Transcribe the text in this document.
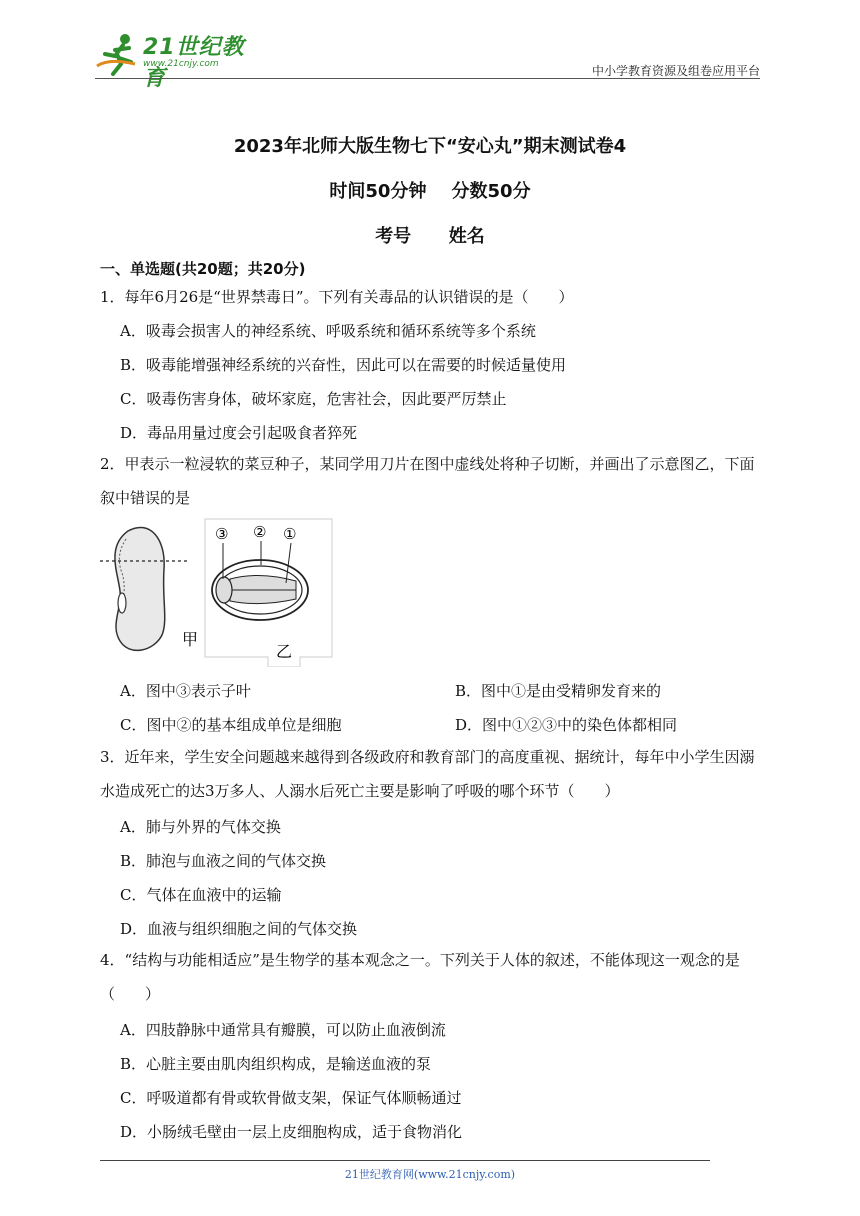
21世纪教育
www.21cnjy.com	中小学教育资源及组卷应用平台
2023年北师大版生物七下“安心丸”期末测试卷4
时间50分钟    分数50分
考号      姓名
一、单选题(共20题；共20分)
1．每年6月26是“世界禁毒日”。下列有关毒品的认识错误的是（　　）
A．吸毒会损害人的神经系统、呼吸系统和循环系统等多个系统
B．吸毒能增强神经系统的兴奋性，因此可以在需要的时候适量使用
C．吸毒伤害身体，破坏家庭，危害社会，因此要严厉禁止
D．毒品用量过度会引起吸食者猝死
2．甲表示一粒浸软的菜豆种子，某同学用刀片在图中虚线处将种子切断，并画出了示意图乙，下面叙中错误的是
甲
③ ② ①
乙
A．图中③表示子叶	B．图中①是由受精卵发育来的
C．图中②的基本组成单位是细胞	D．图中①②③中的染色体都相同
3．近年来，学生安全问题越来越得到各级政府和教育部门的高度重视、据统计，每年中小学生因溺水造成死亡的达3万多人、人溺水后死亡主要是影响了呼吸的哪个环节（　　）
A．肺与外界的气体交换
B．肺泡与血液之间的气体交换
C．气体在血液中的运输
D．血液与组织细胞之间的气体交换
4．“结构与功能相适应”是生物学的基本观念之一。下列关于人体的叙述，不能体现这一观念的是（　　）
A．四肢静脉中通常具有瓣膜，可以防止血液倒流
B．心脏主要由肌肉组织构成，是输送血液的泵
C．呼吸道都有骨或软骨做支架，保证气体顺畅通过
D．小肠绒毛壁由一层上皮细胞构成，适于食物消化
21世纪教育网(www.21cnjy.com)
